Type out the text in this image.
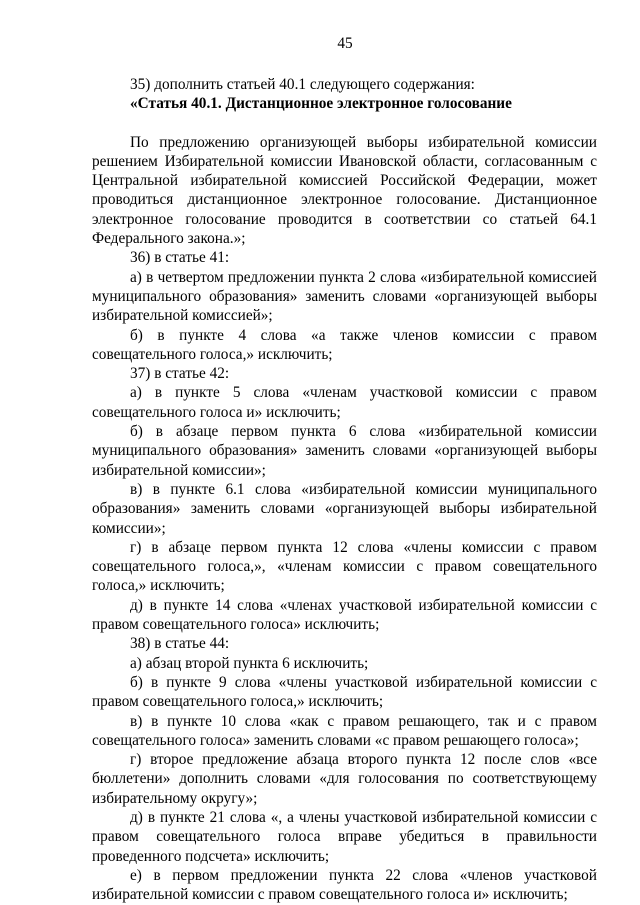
45

35) дополнить статьей 40.1 следующего содержания:

«Статья 40.1. Дистанционное электронное голосование

По предложению организующей выборы избирательной комиссии решением Избирательной комиссии Ивановской области, согласованным с Центральной избирательной комиссией Российской Федерации, может проводиться дистанционное электронное голосование. Дистанционное электронное голосование проводится в соответствии со статьей 64.1 Федерального закона.»;

36) в статье 41:

а) в четвертом предложении пункта 2 слова «избирательной комиссией муниципального образования» заменить словами «организующей выборы избирательной комиссией»;

б) в пункте 4 слова «а также членов комиссии с правом совещательного голоса,» исключить;

37) в статье 42:

а) в пункте 5 слова «членам участковой комиссии с правом совещательного голоса и» исключить;

б) в абзаце первом пункта 6 слова «избирательной комиссии муниципального образования» заменить словами «организующей выборы избирательной комиссии»;

в) в пункте 6.1 слова «избирательной комиссии муниципального образования» заменить словами «организующей выборы избирательной комиссии»;

г) в абзаце первом пункта 12 слова «члены комиссии с правом совещательного голоса,», «членам комиссии с правом совещательного голоса,» исключить;

д) в пункте 14 слова «членах участковой избирательной комиссии с правом совещательного голоса» исключить;

38) в статье 44:

а) абзац второй пункта 6 исключить;

б) в пункте 9 слова «члены участковой избирательной комиссии с правом совещательного голоса,» исключить;

в) в пункте 10 слова «как с правом решающего, так и с правом совещательного голоса» заменить словами «с правом решающего голоса»;

г) второе предложение абзаца второго пункта 12 после слов «все бюллетени» дополнить словами «для голосования по соответствующему избирательному округу»;

д) в пункте 21 слова «, а члены участковой избирательной комиссии с правом совещательного голоса вправе убедиться в правильности проведенного подсчета» исключить;

е) в первом предложении пункта 22 слова «членов участковой избирательной комиссии с правом совещательного голоса и» исключить;
